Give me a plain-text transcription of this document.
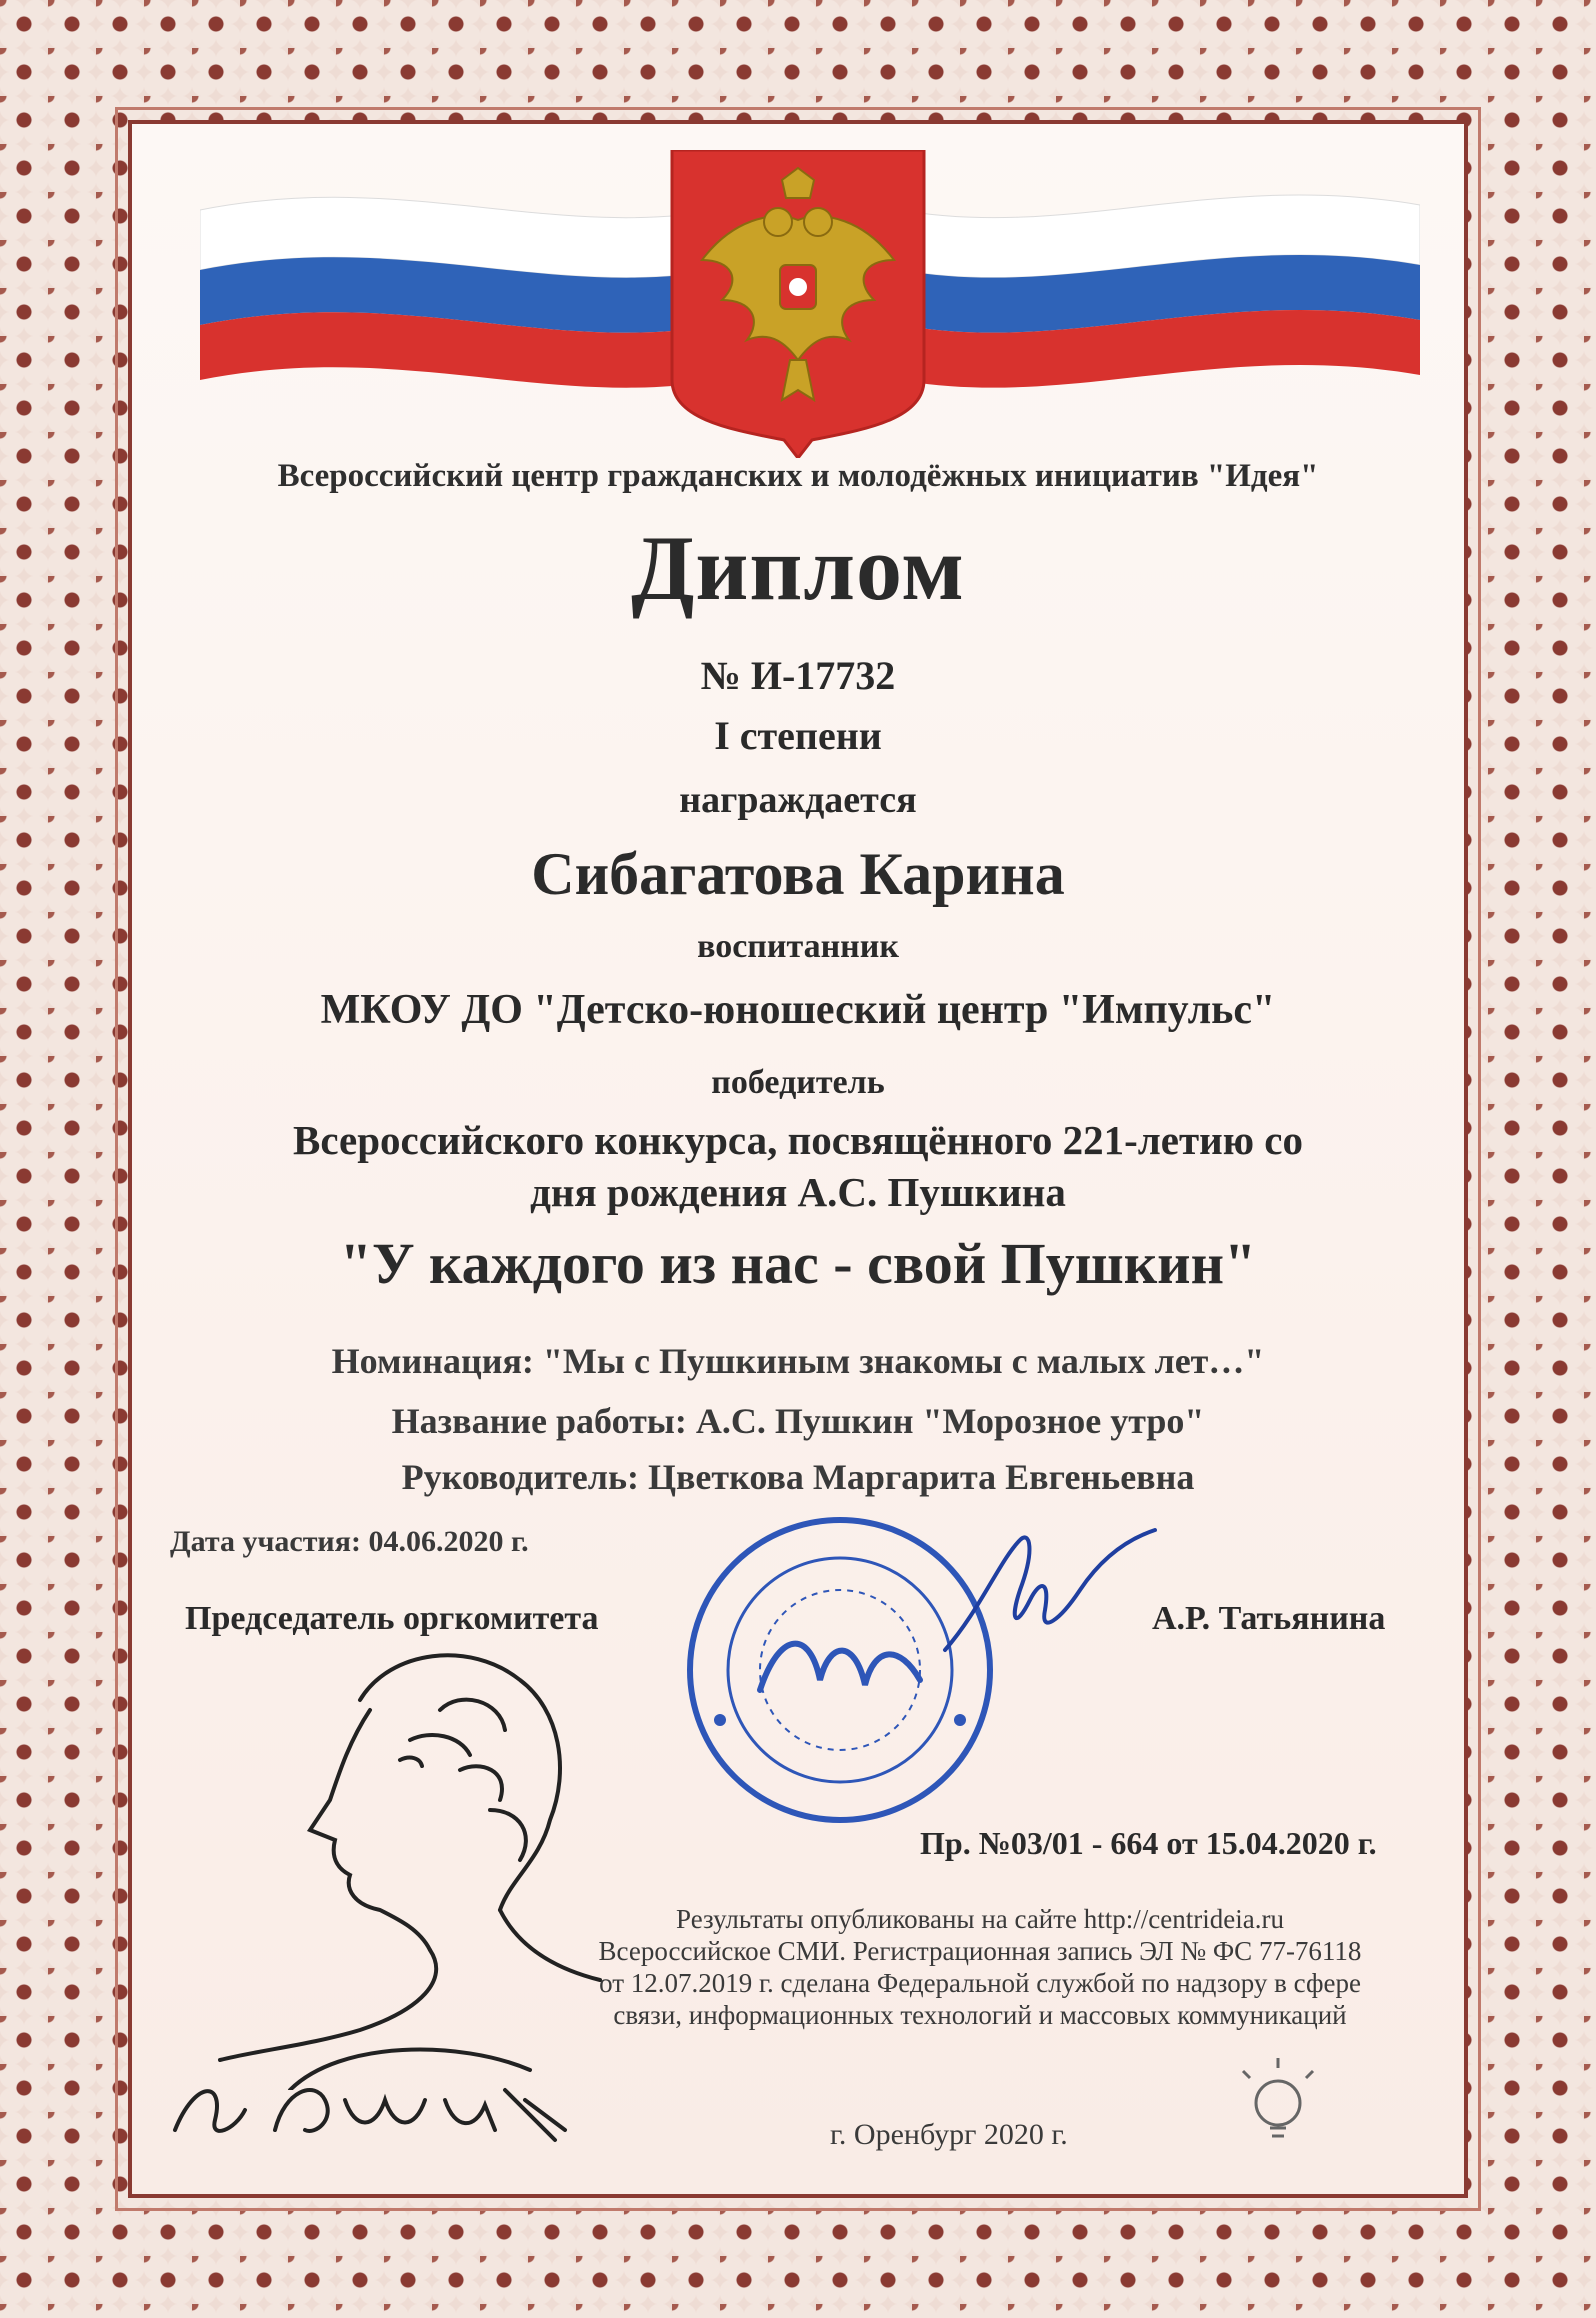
Всероссийский центр гражданских и молодёжных инициатив "Идея"
Диплом
№ И-17732
I степени
награждается
Сибагатова Карина
воспитанник
МКОУ ДО "Детско-юношеский центр "Импульс"
победитель
Всероссийского конкурса, посвящённого 221-летию со
дня рождения А.С. Пушкина
"У каждого из нас - свой Пушкин"
Номинация: "Мы с Пушкиным знакомы с малых лет…"
Название работы: А.С. Пушкин "Морозное утро"
Руководитель: Цветкова Маргарита Евгеньевна
Дата участия: 04.06.2020 г.
Председатель оргкомитета	А.Р. Татьянина
Пр. №03/01 - 664 от 15.04.2020 г.
Результаты опубликованы на сайте http://centrideia.ru
Всероссийское СМИ. Регистрационная запись ЭЛ № ФС 77-76118
от 12.07.2019 г. сделана Федеральной службой по надзору в сфере
связи, информационных технологий и массовых коммуникаций
г. Оренбург 2020 г.
